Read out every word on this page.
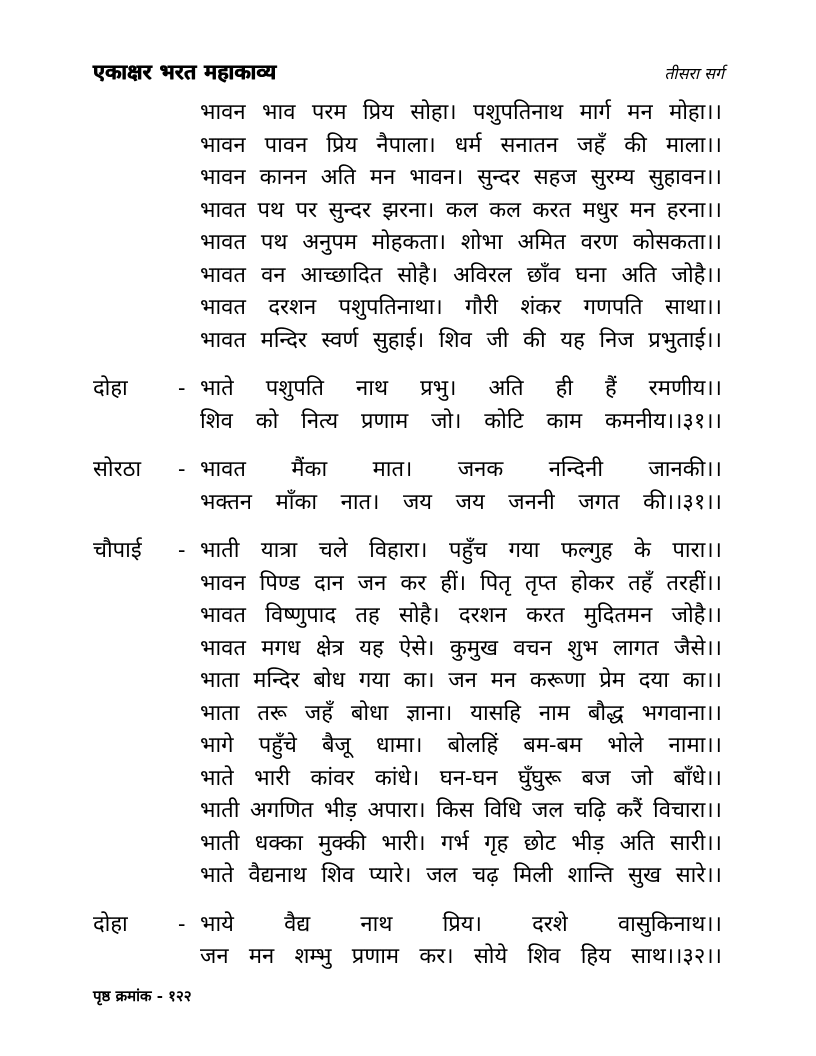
एकाक्षर भरत महाकाव्य	तीसरा सर्ग
भावन भाव परम प्रिय सोहा। पशुपतिनाथ मार्ग मन मोहा।।
भावन पावन प्रिय नैपाला। धर्म सनातन जहँ की माला।।
भावन कानन अति मन भावन। सुन्दर सहज सुरम्य सुहावन।।
भावत पथ पर सुन्दर झरना। कल कल करत मधुर मन हरना।।
भावत पथ अनुपम मोहकता। शोभा अमित वरण कोसकता।।
भावत वन आच्छादित सोहै। अविरल छाँव घना अति जोहै।।
भावत दरशन पशुपतिनाथा। गौरी शंकर गणपति साथा।।
भावत मन्दिर स्वर्ण सुहाई। शिव जी की यह निज प्रभुताई।।
दोहा	- भाते पशुपति नाथ प्रभु। अति ही हैं रमणीय।।
शिव को नित्य प्रणाम जो। कोटि काम कमनीय।।३१।।
सोरठा	- भावत मैंका मात। जनक नन्दिनी जानकी।।
भक्तन माँका नात। जय जय जननी जगत की।।३१।।
चौपाई	- भाती यात्रा चले विहारा। पहुँच गया फल्गुह के पारा।।
भावन पिण्ड दान जन कर हीं। पितृ तृप्त होकर तहँ तरहीं।।
भावत विष्णुपाद तह सोहै। दरशन करत मुदितमन जोहै।।
भावत मगध क्षेत्र यह ऐसे। कुमुख वचन शुभ लागत जैसे।।
भाता मन्दिर बोध गया का। जन मन करूणा प्रेम दया का।।
भाता तरू जहँ बोधा ज्ञाना। यासहि नाम बौद्ध भगवाना।।
भागे पहुँचे बैजू धामा। बोलहिं बम-बम भोले नामा।।
भाते भारी कांवर कांधे। घन-घन घुँघुरू बज जो बाँधे।।
भाती अगणित भीड़ अपारा। किस विधि जल चढ़ि करैं विचारा।।
भाती धक्का मुक्की भारी। गर्भ गृह छोट भीड़ अति सारी।।
भाते वैद्यनाथ शिव प्यारे। जल चढ़ मिली शान्ति सुख सारे।।
दोहा	- भाये वैद्य नाथ प्रिय। दरशे वासुकिनाथ।।
जन मन शम्भु प्रणाम कर। सोये शिव हिय साथ।।३२।।
पृष्ठ क्रमांक - १२२
